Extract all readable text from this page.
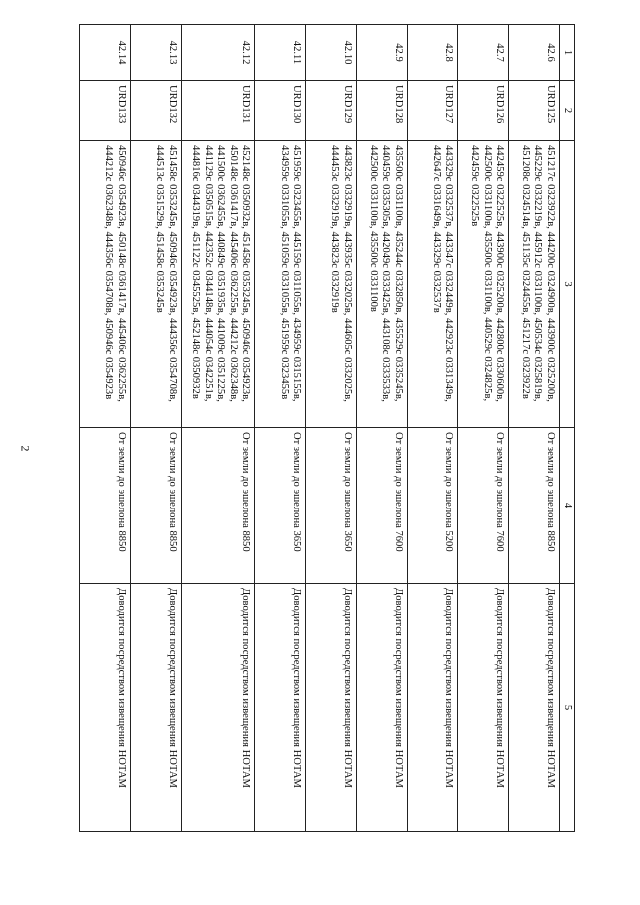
2
1	2	3	4	5
42.6	URD125	451217с 0323922в, 444200с 0324900в, 443900с 0325200в, 445229с 0332219в, 445912с 0331100в, 450534с 0325819в, 451208с 0324514в, 451135с 0324455в, 451217с 0323922в	От земли до эшелона 8850	Доводится посредством извещения НОТАМ
42.7	URD126	442459с 0322525в, 443900с 0325200в, 442800с 0330600в, 442500с 0331100в, 435500с 0331100в, 440529с 0324825в, 442459с 0322525в	От земли до эшелона 7600	Доводится посредством извещения НОТАМ
42.8	URD127	443329с 0332537в, 443347с 0332449в, 442923с 0331349в, 442647с 0331649в, 443329с 0332537в	От земли до эшелона 5200	Доводится посредством извещения НОТАМ
42.9	URD128	435500с 0331100в, 435244с 0332850в, 435529с 0335245в, 440459с 0335305в, 442049с 0333425в, 443108с 0333533в, 442500с 0331100в, 435500с 0331100в	От земли до эшелона 7600	Доводится посредством извещения НОТАМ
42.10	URD129	443823с 0332919в, 443935с 0332025в, 444605с 0332025в, 444453с 0332919в, 443823с 0332919в	От земли до эшелона 3650	Доводится посредством извещения НОТАМ
42.11	URD130	451959с 0323455в, 445159с 0311055в, 434959с 0315155в, 434959с 0331055в, 451059с 0331055в, 451959с 0323455в	От земли до эшелона 3650	Доводится посредством извещения НОТАМ
42.12	URD131	452148с 0350932в, 451458с 0353245в, 450946с 0354923в, 450148с 0361417в, 445406с 0362255в, 444212с 0362348в, 441500с 0362455в, 440849с 0351935в, 441009с 0351225в, 441129с 0350515в, 442352с 0344148в, 444054с 0342251в, 444816с 0344319в, 451122с 0345525в, 452148с 0350932в	От земли до эшелона 8850	Доводится посредством извещения НОТАМ
42.13	URD132	451458с 0353245в, 450946с 0354923в, 444356с 0354708в, 444513с 0351529в, 451458с 0353245в	От земли до эшелона 8850	Доводится посредством извещения НОТАМ
42.14	URD133	450946с 0354923в, 450148с 0361417в, 445406с 0362255в, 444212с 0362348в, 444356с 0354708в, 450946с 0354923в	От земли до эшелона 8850	Доводится посредством извещения НОТАМ
